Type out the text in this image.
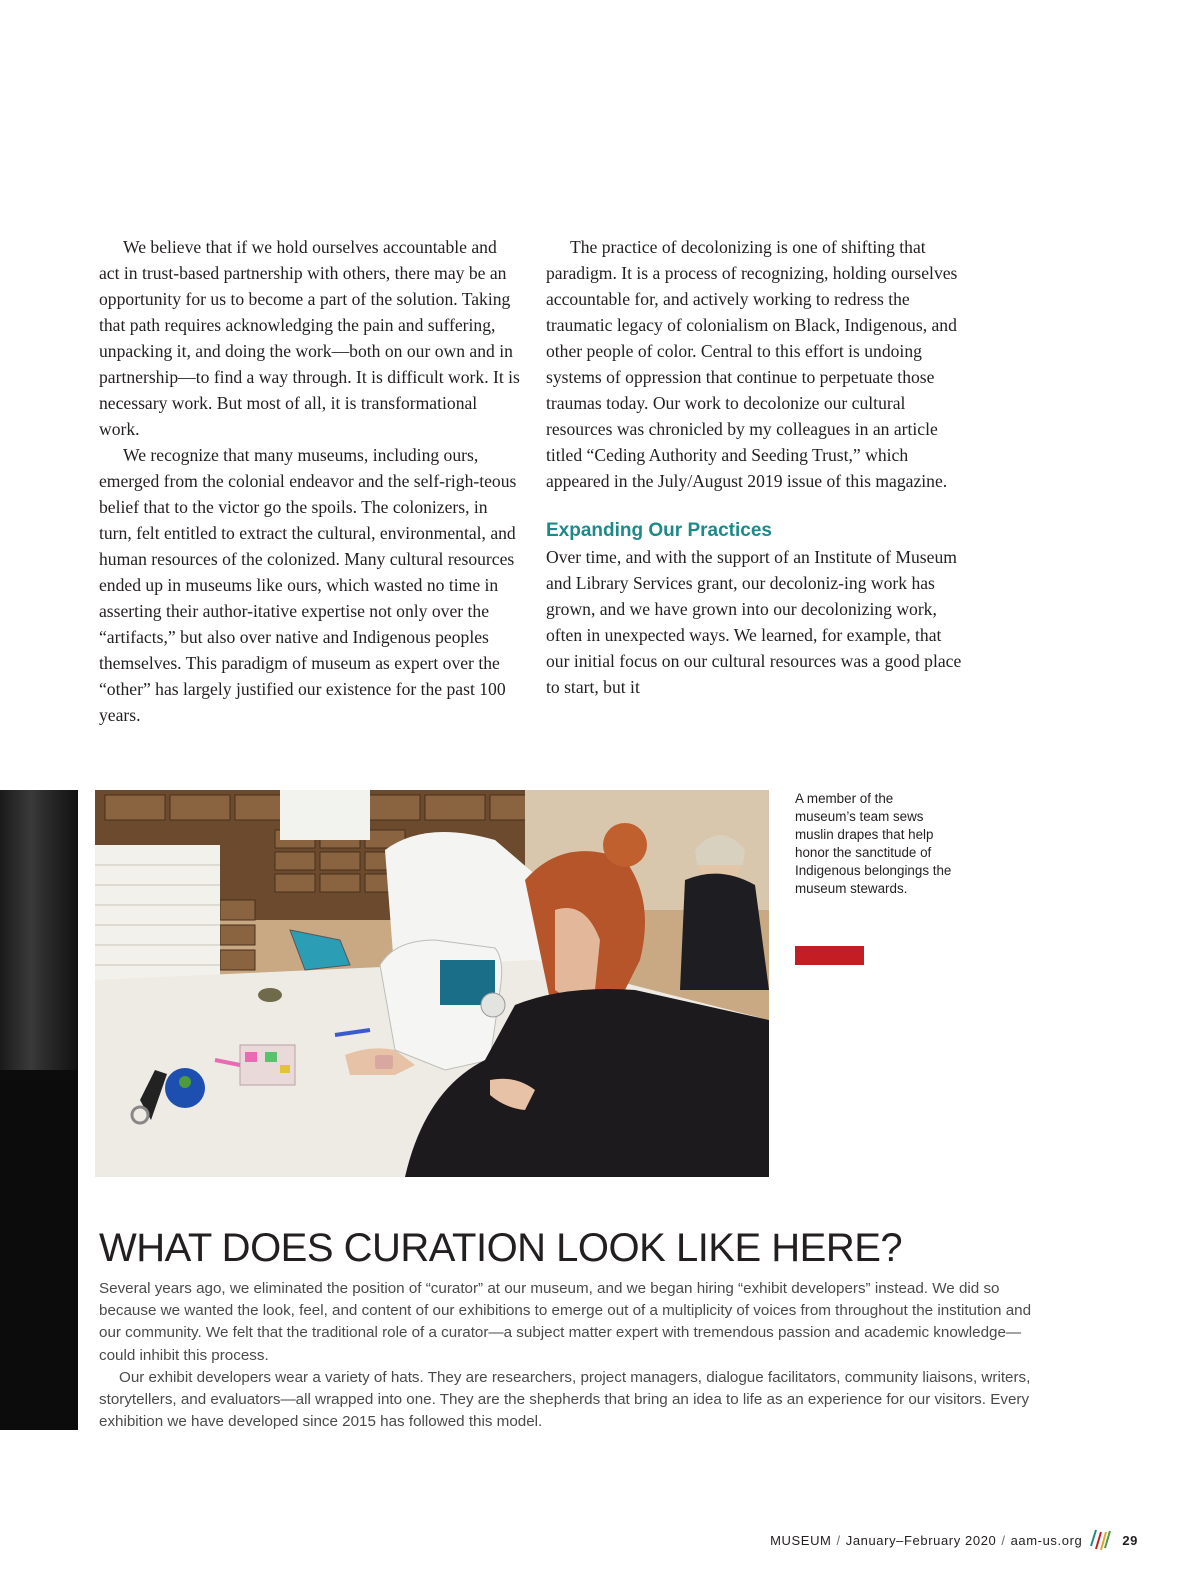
We believe that if we hold ourselves accountable and act in trust-based partnership with others, there may be an opportunity for us to become a part of the solution. Taking that path requires acknowledging the pain and suffering, unpacking it, and doing the work—both on our own and in partnership—to find a way through. It is difficult work. It is necessary work. But most of all, it is transformational work.

We recognize that many museums, including ours, emerged from the colonial endeavor and the self-righ-teous belief that to the victor go the spoils. The colonizers, in turn, felt entitled to extract the cultural, environmental, and human resources of the colonized. Many cultural resources ended up in museums like ours, which wasted no time in asserting their author-itative expertise not only over the “artifacts,” but also over native and Indigenous peoples themselves. This paradigm of museum as expert over the “other” has largely justified our existence for the past 100 years.

The practice of decolonizing is one of shifting that paradigm. It is a process of recognizing, holding ourselves accountable for, and actively working to redress the traumatic legacy of colonialism on Black, Indigenous, and other people of color. Central to this effort is undoing systems of oppression that continue to perpetuate those traumas today. Our work to decolonize our cultural resources was chronicled by my colleagues in an article titled “Ceding Authority and Seeding Trust,” which appeared in the July/August 2019 issue of this magazine.

Expanding Our Practices

Over time, and with the support of an Institute of Museum and Library Services grant, our decoloniz-ing work has grown, and we have grown into our decolonizing work, often in unexpected ways. We learned, for example, that our initial focus on our cultural resources was a good place to start, but it

A member of the museum’s team sews muslin drapes that help honor the sanctitude of Indigenous belongings the museum stewards.
WHAT DOES CURATION LOOK LIKE HERE?

Several years ago, we eliminated the position of “curator” at our museum, and we began hiring “exhibit developers” instead. We did so because we wanted the look, feel, and content of our exhibitions to emerge out of a multiplicity of voices from throughout the institution and our community. We felt that the traditional role of a curator—a subject matter expert with tremendous passion and academic knowledge—could inhibit this process.

Our exhibit developers wear a variety of hats. They are researchers, project managers, dialogue facilitators, community liaisons, writers, storytellers, and evaluators—all wrapped into one. They are the shepherds that bring an idea to life as an experience for our visitors. Every exhibition we have developed since 2015 has followed this model.

MUSEUM / January–February 2020 / aam-us.org	29
